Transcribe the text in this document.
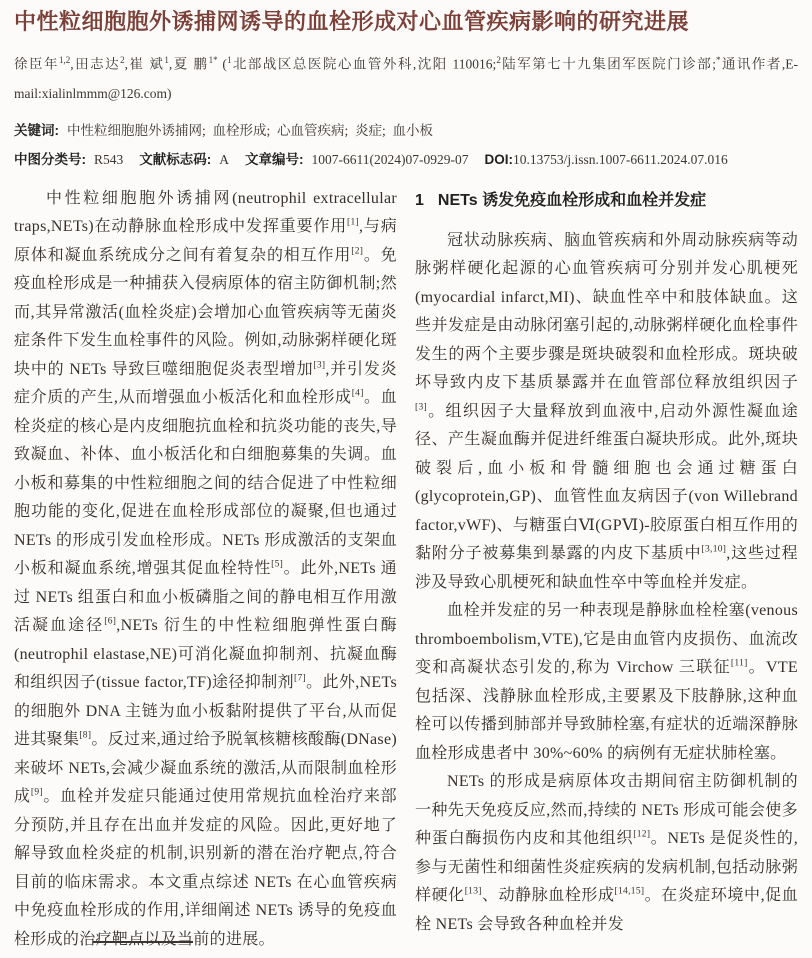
中性粒细胞胞外诱捕网诱导的血栓形成对心血管疾病影响的研究进展

徐臣年$^{1,2}$,田志达$^2$,崔 斌$^1$,夏 鹏$^{1*}$ ($^1$北部战区总医院心血管外科,沈阳 110016;$^2$陆军第七十九集团军医院门诊部;*通讯作者,E-mail:xialinlmmm@126.com)

关键词: 中性粒细胞胞外诱捕网;  血栓形成;  心血管疾病;  炎症;  血小板

中图分类号: R543 文献标志码: A 文章编号: 1007-6611(2024)07-0929-07 DOI:10.13753/j.issn.1007-6611.2024.07.016

中性粒细胞胞外诱捕网(neutrophil extracellular traps,NETs)在动静脉血栓形成中发挥重要作用[1],与病原体和凝血系统成分之间有着复杂的相互作用[2]。免疫血栓形成是一种捕获入侵病原体的宿主防御机制;然而,其异常激活(血栓炎症)会增加心血管疾病等无菌炎症条件下发生血栓事件的风险。例如,动脉粥样硬化斑块中的 NETs 导致巨噬细胞促炎表型增加[3],并引发炎症介质的产生,从而增强血小板活化和血栓形成[4]。血栓炎症的核心是内皮细胞抗血栓和抗炎功能的丧失,导致凝血、补体、血小板活化和白细胞募集的失调。血小板和募集的中性粒细胞之间的结合促进了中性粒细胞功能的变化,促进在血栓形成部位的凝聚,但也通过 NETs 的形成引发血栓形成。NETs 形成激活的支架血小板和凝血系统,增强其促血栓特性[5]。此外,NETs 通过 NETs 组蛋白和血小板磷脂之间的静电相互作用激活凝血途径[6],NETs 衍生的中性粒细胞弹性蛋白酶(neutrophil elastase,NE)可消化凝血抑制剂、抗凝血酶和组织因子(tissue factor,TF)途径抑制剂[7]。此外,NETs 的细胞外 DNA 主链为血小板黏附提供了平台,从而促进其聚集[8]。反过来,通过给予脱氧核糖核酸酶(DNase)来破坏 NETs,会减少凝血系统的激活,从而限制血栓形成[9]。血栓并发症只能通过使用常规抗血栓治疗来部分预防,并且存在出血并发症的风险。因此,更好地了解导致血栓炎症的机制,识别新的潜在治疗靶点,符合目前的临床需求。本文重点综述 NETs 在心血管疾病中免疫血栓形成的作用,详细阐述 NETs 诱导的免疫血栓形成的治疗靶点以及当前的进展。

1 NETs 诱发免疫血栓形成和血栓并发症

冠状动脉疾病、脑血管疾病和外周动脉疾病等动脉粥样硬化起源的心血管疾病可分别并发心肌梗死(myocardial infarct,MI)、缺血性卒中和肢体缺血。这些并发症是由动脉闭塞引起的,动脉粥样硬化血栓事件发生的两个主要步骤是斑块破裂和血栓形成。斑块破坏导致内皮下基质暴露并在血管部位释放组织因子[3]。组织因子大量释放到血液中,启动外源性凝血途径、产生凝血酶并促进纤维蛋白凝块形成。此外,斑块破裂后,血小板和骨髓细胞也会通过糖蛋白(glycoprotein,GP)、血管性血友病因子(von Willebrand factor,vWF)、与糖蛋白Ⅵ(GPⅥ)-胶原蛋白相互作用的黏附分子被募集到暴露的内皮下基质中[3,10],这些过程涉及导致心肌梗死和缺血性卒中等血栓并发症。

血栓并发症的另一种表现是静脉血栓栓塞(venous thromboembolism,VTE),它是由血管内皮损伤、血流改变和高凝状态引发的,称为 Virchow 三联征[11]。VTE 包括深、浅静脉血栓形成,主要累及下肢静脉,这种血栓可以传播到肺部并导致肺栓塞,有症状的近端深静脉血栓形成患者中 30%~60% 的病例有无症状肺栓塞。

NETs 的形成是病原体攻击期间宿主防御机制的一种先天免疫反应,然而,持续的 NETs 形成可能会使多种蛋白酶损伤内皮和其他组织[12]。NETs 是促炎性的,参与无菌性和细菌性炎症疾病的发病机制,包括动脉粥样硬化[13]、动静脉血栓形成[14,15]。在炎症环境中,促血栓 NETs 会导致各种血栓并发
